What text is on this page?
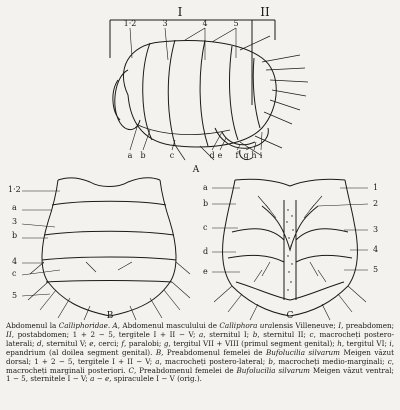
I	II
1·2	3	4	5
a b	c	d e f g h i
A
1·2
a
3
b
4
c
5
B
a
b
c
d
e
1
2
3
4
5
C
Abdomenul la Calliphoridae. A, Abdomenul masculului de Calliphora uralensis Villeneuve; I, preabdomen; II, postabdomen; 1 + 2 − 5, tergitele I + II − V; a, sternitul I; b, sternitul II; c, macrocheți postero-laterali; d, sternitul V; e, cerci; f, paralobi; g, tergitul VII + VIII (primul segment genital); h, tergitul VI; i, epandrium (al doilea segment genital). B, Preabdomenul femelei de Bufolucilia silvarum Meigen văzut dorsal; 1 + 2 − 5, tergitele I + II − V; a, macrocheți postero-lateral; b, macrocheți medio-marginali; c, macrocheți marginali posteriori. C, Preabdomenul femelei de Bufolucilia silvarum Meigen văzut ventral; 1 − 5, sternitele I − V; a − e, spiraculele I − V (orig.).
